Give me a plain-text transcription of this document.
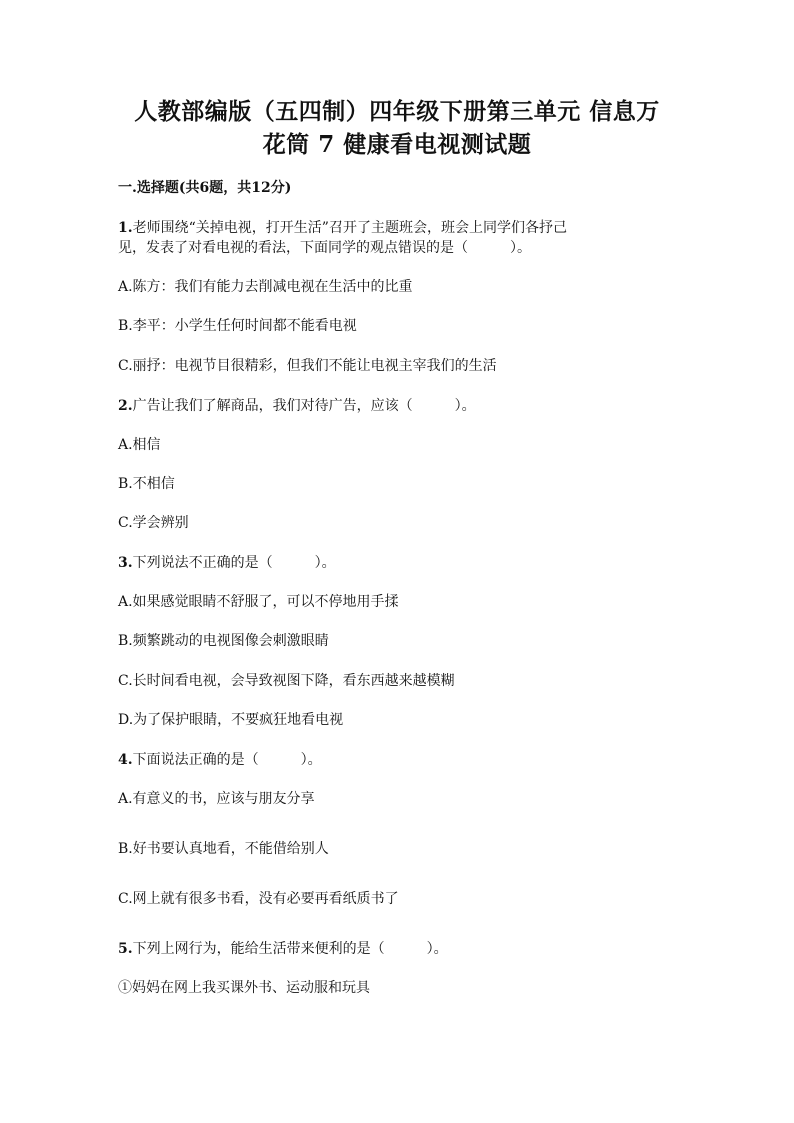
人教部编版（五四制）四年级下册第三单元 信息万
花筒 7 健康看电视测试题
一.选择题(共6题，共12分)
1.老师围绕“关掉电视，打开生活”召开了主题班会，班会上同学们各抒己
见，发表了对看电视的看法，下面同学的观点错误的是（　　　）。
A.陈方：我们有能力去削减电视在生活中的比重
B.李平：小学生任何时间都不能看电视
C.丽抒：电视节目很精彩，但我们不能让电视主宰我们的生活
2.广告让我们了解商品，我们对待广告，应该（　　　）。
A.相信
B.不相信
C.学会辨别
3.下列说法不正确的是（　　　）。
A.如果感觉眼睛不舒服了，可以不停地用手揉
B.频繁跳动的电视图像会刺激眼睛
C.长时间看电视，会导致视图下降，看东西越来越模糊
D.为了保护眼睛，不要疯狂地看电视
4.下面说法正确的是（　　　）。
A.有意义的书，应该与朋友分享
B.好书要认真地看，不能借给别人
C.网上就有很多书看，没有必要再看纸质书了
5.下列上网行为，能给生活带来便利的是（　　　）。
①妈妈在网上我买课外书、运动服和玩具
